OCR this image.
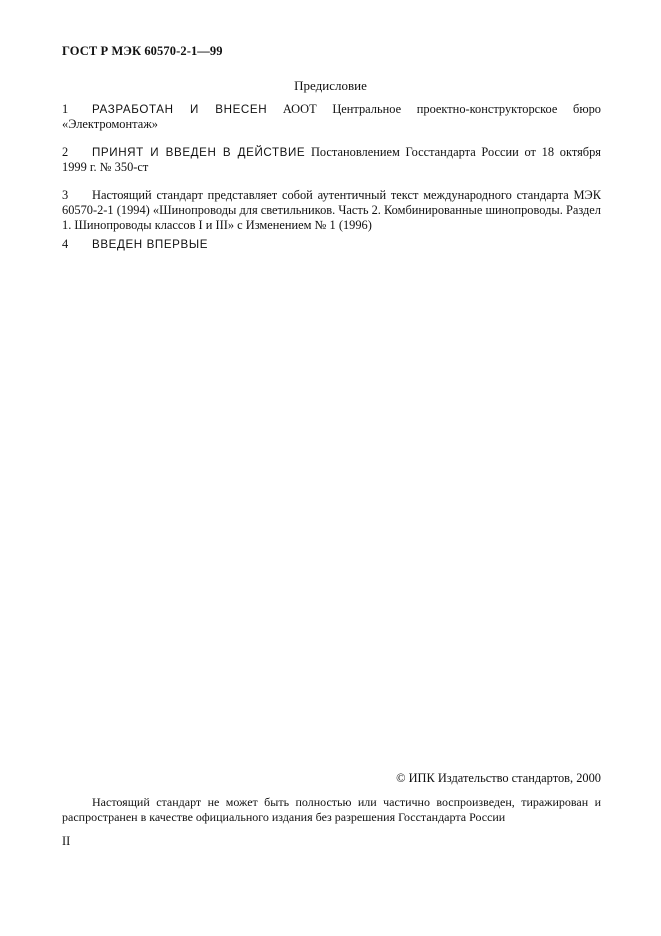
ГОСТ Р МЭК 60570-2-1—99
Предисловие
1 РАЗРАБОТАН И ВНЕСЕН АООТ Центральное проектно-конструкторское бюро «Электромонтаж»
2 ПРИНЯТ И ВВЕДЕН В ДЕЙСТВИЕ Постановлением Госстандарта России от 18 октября 1999 г. № 350-ст
3 Настоящий стандарт представляет собой аутентичный текст международного стандарта МЭК 60570-2-1 (1994) «Шинопроводы для светильников. Часть 2. Комбинированные шинопроводы. Раздел 1. Шинопроводы классов I и III» с Изменением № 1 (1996)
4 ВВЕДЕН ВПЕРВЫЕ
© ИПК Издательство стандартов, 2000
Настоящий стандарт не может быть полностью или частично воспроизведен, тиражирован и распространен в качестве официального издания без разрешения Госстандарта России
II
